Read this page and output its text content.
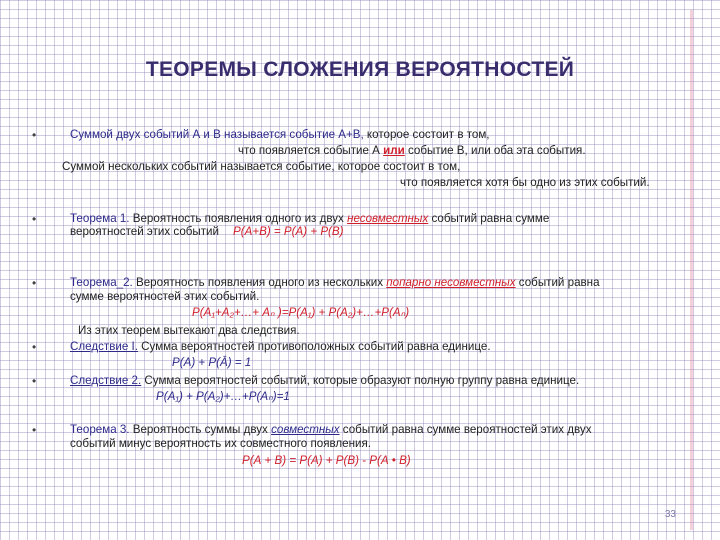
ТЕОРЕМЫ СЛОЖЕНИЯ ВЕРОЯТНОСТЕЙ
•	Суммой двух событий А и В называется событие А+В, которое состоит в том,
что появляется событие А или событие В, или оба эта события.
Суммой нескольких событий называется событие, которое состоит в том,
что появляется хотя бы одно из этих событий.
•	Теорема 1. Вероятность появления одного из двух несовместных событий равна сумме
вероятностей этих событий Р(А+В) = Р(А) + Р(В)
•	Теорема_2. Вероятность появления одного из нескольких попарно несовместных событий равна
сумме вероятностей этих событий.
Р(А₁+А₂+…+ Аₙ )=Р(А₁) + Р(А₂)+…+Р(Аₙ)
Из этих теорем вытекают два следствия.
•	Следствие I. Сумма вероятностей противоположных событий равна единице.
Р(А) + Р(Ā) = 1
•	Следствие 2. Сумма вероятностей событий, которые образуют полную группу равна единице.
Р(А₁) + Р(А₂)+…+Р(Аₙ)=1
•	Теорема 3. Вероятность суммы двух совместных событий равна сумме вероятностей этих двух
событий минус вероятность их совместного появления.
Р(А + В) = Р(А) + Р(В) - Р(А • В)
33
